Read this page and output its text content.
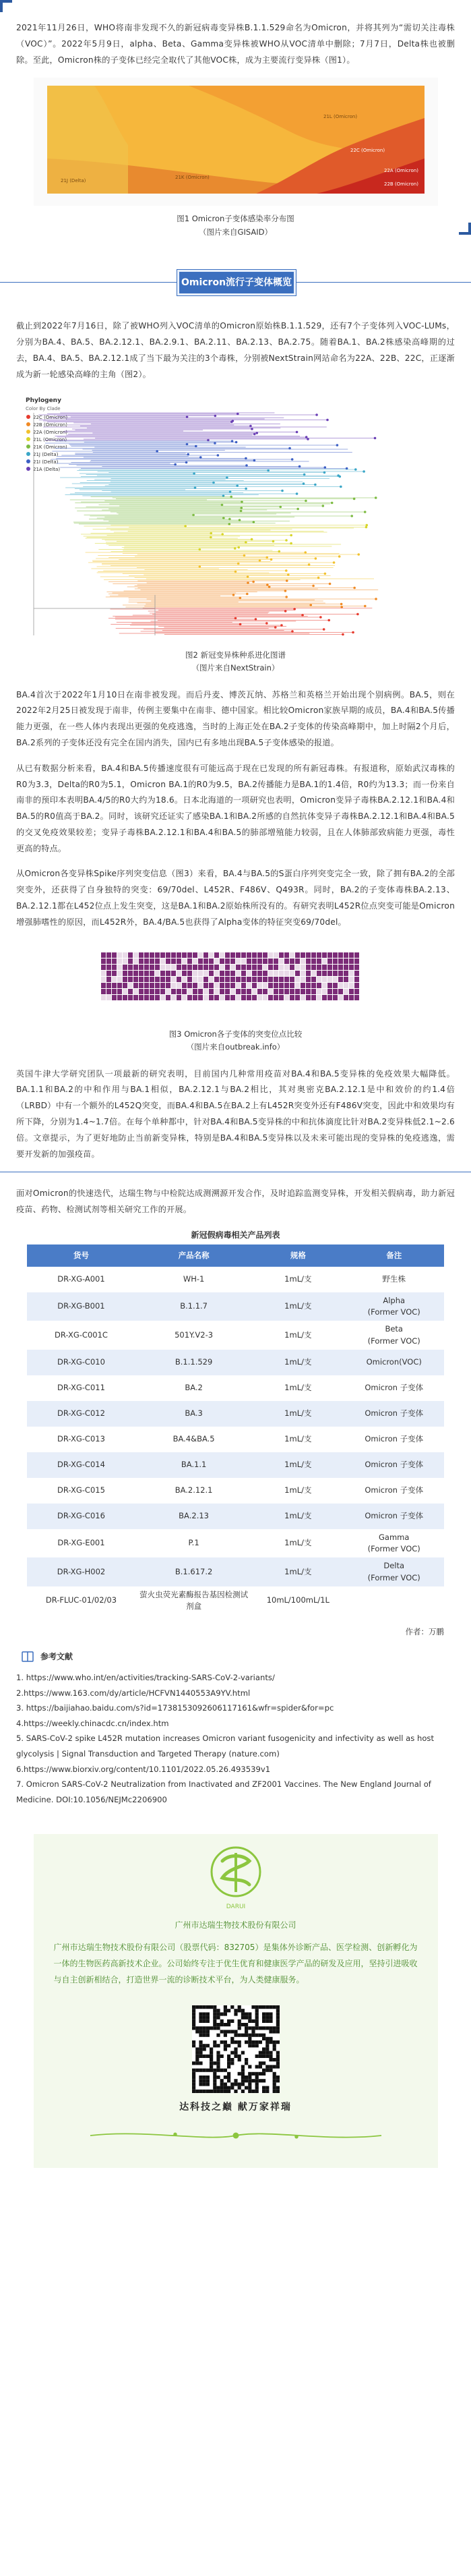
2021年11月26日，WHO将南非发现不久的新冠病毒变异株B.1.1.529命名为Omicron，并将其列为“需切关注毒株（VOC）”。2022年5月9日，alpha、Beta、Gamma变异株被WHO从VOC清单中删除；7月7日，Delta株也被删除。至此，Omicron株的子变体已经完全取代了其他VOC株，成为主要流行变异株（图1）。

21J (Delta)
21K (Omicron)
21L (Omicron)
22A (Omicron)
22B (Omicron)
22C (Omicron)
图1 Omicron子变体感染率分布图
（图片来自GISAID）
Omicron流行子变体概览

截止到2022年7月16日，除了被WHO列入VOC清单的Omicron原始株B.1.1.529，还有7个子变体列入VOC-LUMs，分别为BA.4、BA.5、BA.2.12.1、BA.2.9.1、BA.2.11、BA.2.13、BA.2.75。随着BA.1、BA.2株感染高峰期的过去，BA.4、BA.5、BA.2.12.1成了当下最为关注的3个毒株，分别被NextStrain网站命名为22A、22B、22C，正逐渐成为新一轮感染高峰的主角（图2）。

Phylogeny
Color By Clade
22C (Omicron)
22B (Omicron)
22A (Omicron)
21L (Omicron)
21K (Omicron)
21J (Delta)
21I (Delta)
21A (Delta)
图2 新冠变异株种系进化图谱
（图片来自NextStrain）

BA.4首次于2022年1月10日在南非被发现。而后丹麦、博茨瓦纳、苏格兰和英格兰开始出现个别病例。BA.5，则在2022年2月25日被发现于南非，传例主要集中在南非、德中国家。相比较Omicron家族早期的成员，BA.4和BA.5传播能力更强，在一些人体内表现出更强的免疫逃逸，当时的上海正处在BA.2子变体的传染高峰期中，加上时隔2个月后，BA.2系列的子变体还没有完全在国内消失，国内已有多地出现BA.5子变体感染的报道。

从已有数据分析来看，BA.4和BA.5传播速度很有可能远高于现在已发现的所有新冠毒株。有报道称，原始武汉毒株的R0为3.3，Delta的R0为5.1，Omicron BA.1的R0为9.5，BA.2传播能力是BA.1的1.4倍，R0约为13.3；而一份来自南非的预印本表明BA.4/5的R0大约为18.6。日本北海道的一项研究也表明，Omicron变异子毒株BA.2.12.1和BA.4和BA.5的R0值高于BA.2。同时，该研究还证实了感染BA.1和BA.2所感的自然抗体变异子毒株BA.2.12.1和BA.4和BA.5的交叉免疫效果较差；变异子毒株BA.2.12.1和BA.4和BA.5的肺部增殖能力较弱，且在人体肺部致病能力更强，毒性更高的特点。

从Omicron各变异株Spike序列突变信息（图3）来看，BA.4与BA.5的S蛋白序列突变完全一致，除了拥有BA.2的全部突变外，还获得了自身独特的突变：69/70del、L452R、F486V、Q493R。同时，BA.2的子变体毒株BA.2.13、BA.2.12.1都在L452位点上发生突变，这是BA.1和BA.2原始株所没有的。有研究表明L452R位点突变可能是Omicron增强肺嗜性的原因，而L452R外，BA.4/BA.5也获得了Alpha变体的特征突变69/70del。

图3 Omicron各子变体的突变位点比较
（图片来自outbreak.info）

英国牛津大学研究团队一项最新的研究表明，目前国内几种常用疫苗对BA.4和BA.5变异株的免疫效果大幅降低。BA.1.1和BA.2的中和作用与BA.1相似，BA.2.12.1与BA.2相比，其对奥密克BA.2.12.1是中和效价的约1.4倍（LRBD）中有一个额外的L452Q突变，而BA.4和BA.5在BA.2上有L452R突变外还有F486V突变，因此中和效果均有所下降，分别为1.4~1.7倍。在每个单种都中，针对BA.4和BA.5变异株的中和抗体滴度比针对BA.2变异株低2.1~2.6倍。文章提示，为了更好地防止当前新变异株，特别是BA.4和BA.5变异株以及未来可能出现的变异株的免疫逃逸，需要开发新的加强疫苗。

面对Omicron的快速迭代，达瑞生物与中检院达成测溯源开发合作，及时追踪监测变异株，开发相关假病毒，助力新冠疫苗、药物、检测试剂等相关研究工作的开展。

新冠假病毒相关产品列表
货号	产品名称	规格	备注
DR-XG-A001	WH-1	1mL/支	野生株
DR-XG-B001	B.1.1.7	1mL/支	Alpha
(Former VOC)
DR-XG-C001C	501Y.V2-3	1mL/支	Beta
(Former VOC)
DR-XG-C010	B.1.1.529	1mL/支	Omicron(VOC)
DR-XG-C011	BA.2	1mL/支	Omicron 子变体
DR-XG-C012	BA.3	1mL/支	Omicron 子变体
DR-XG-C013	BA.4&BA.5	1mL/支	Omicron 子变体
DR-XG-C014	BA.1.1	1mL/支	Omicron 子变体
DR-XG-C015	BA.2.12.1	1mL/支	Omicron 子变体
DR-XG-C016	BA.2.13	1mL/支	Omicron 子变体
DR-XG-E001	P.1	1mL/支	Gamma
(Former VOC)
DR-XG-H002	B.1.617.2	1mL/支	Delta
(Former VOC)
DR-FLUC-01/02/03	萤火虫荧光素酶报告基因检测试剂盒	10mL/100mL/1L	
作者：万鹏
参考文献
1. https://www.who.int/en/activities/tracking-SARS-CoV-2-variants/
2.https://www.163.com/dy/article/HCFVN1440553A9YV.html
3. https://baijiahao.baidu.com/s?id=1738153092606117161&wfr=spider&for=pc
4.https://weekly.chinacdc.cn/index.htm
5. SARS-CoV-2 spike L452R mutation increases Omicron variant fusogenicity and infectivity as well as host glycolysis | Signal Transduction and Targeted Therapy (nature.com)
6.https://www.biorxiv.org/content/10.1101/2022.05.26.493539v1
7. Omicron SARS-CoV-2 Neutralization from Inactivated and ZF2001 Vaccines. The New England Journal of Medicine. DOI:10.1056/NEJMc2206900
DARUI
广州市达瑞生物技术股份有限公司
广州市达瑞生物技术股份有限公司（股票代码：832705）是集体外诊断产品、医学检测、创新孵化为一体的生物医药高新技术企业。公司始终专注于优生优育和健康医学产品的研发及应用，坚持引进吸收与自主创新相结合，打造世界一流的诊断技术平台，为人类健康服务。
达科技之巅 献万家祥瑞
